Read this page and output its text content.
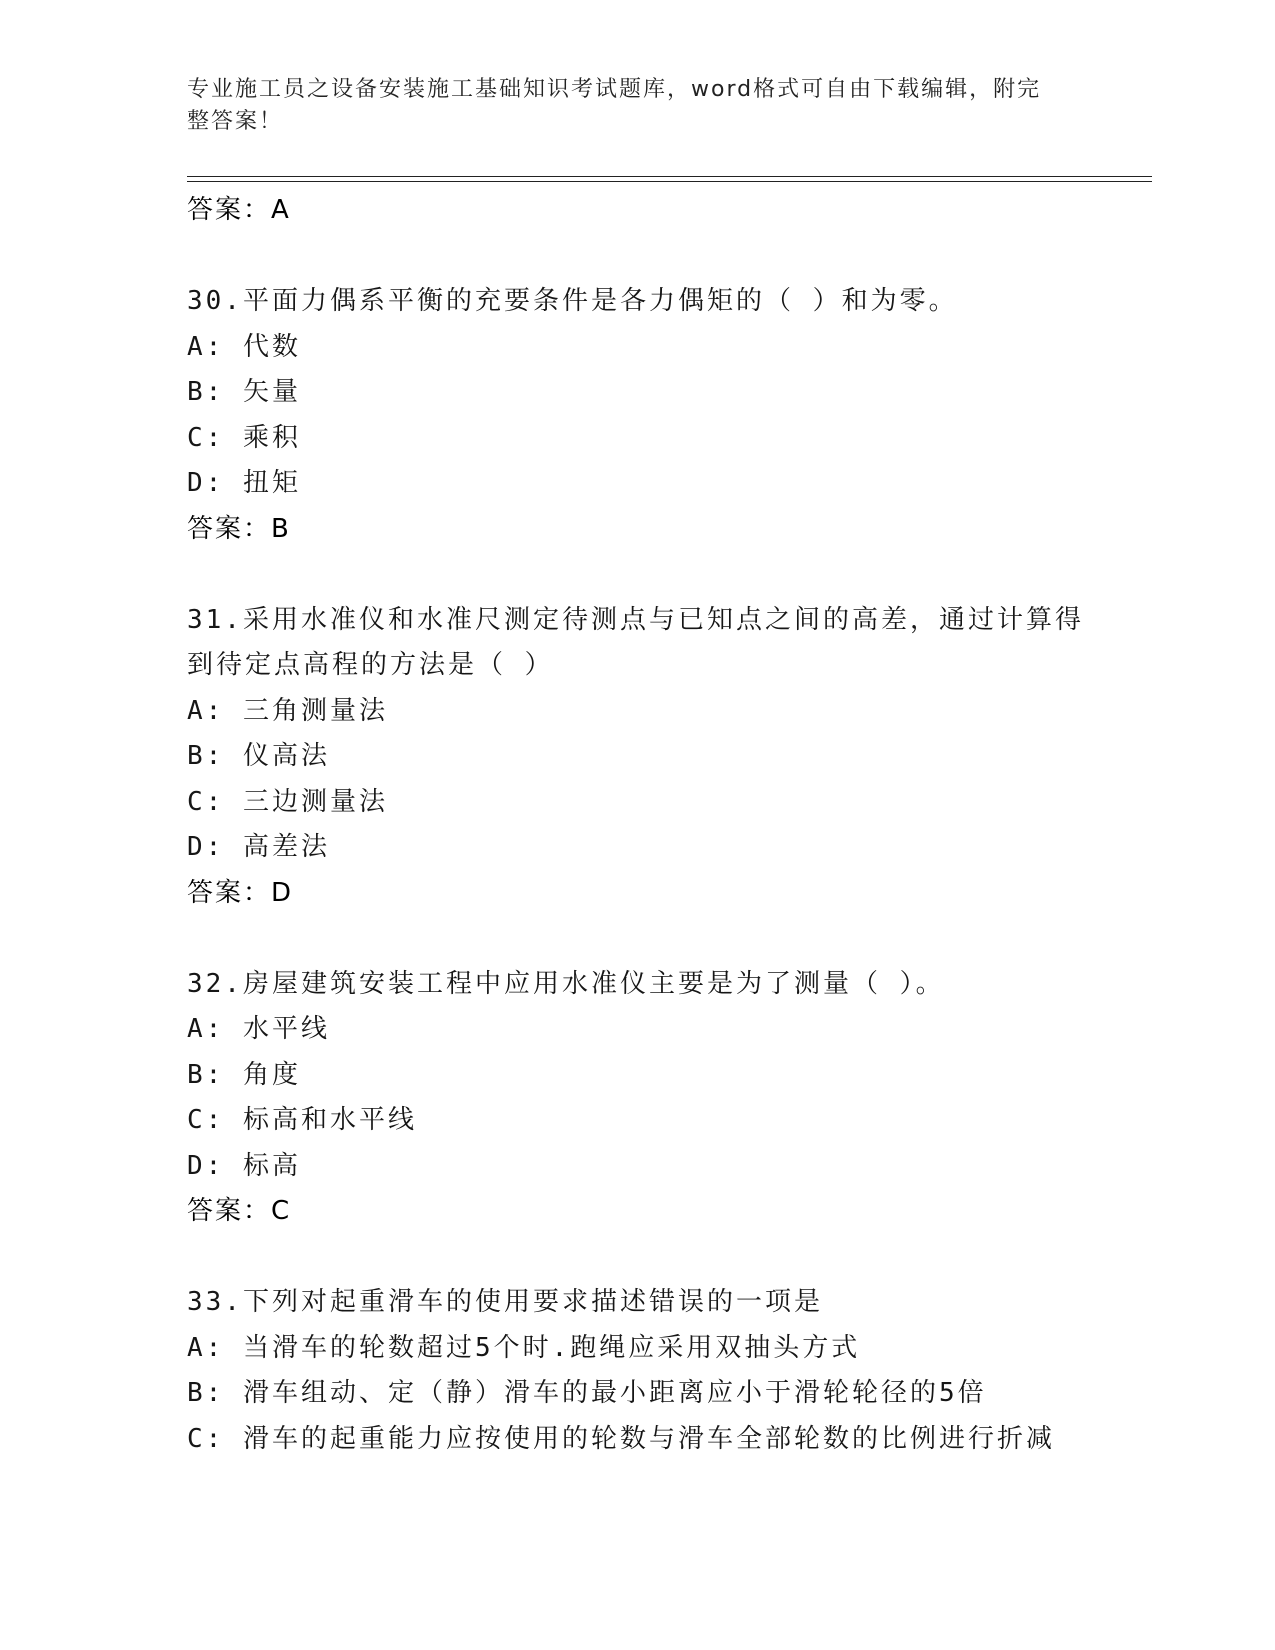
专业施工员之设备安装施工基础知识考试题库，word格式可自由下载编辑，附完
整答案！
答案：A
30.平面力偶系平衡的充要条件是各力偶矩的（ ）和为零。
A: 代数
B: 矢量
C: 乘积
D: 扭矩
答案：B
31.采用水准仪和水准尺测定待测点与已知点之间的高差，通过计算得
到待定点高程的方法是（ ）
A: 三角测量法
B: 仪高法
C: 三边测量法
D: 高差法
答案：D
32.房屋建筑安装工程中应用水准仪主要是为了测量（ ）。
A: 水平线
B: 角度
C: 标高和水平线
D: 标高
答案：C
33.下列对起重滑车的使用要求描述错误的一项是
A: 当滑车的轮数超过5个时.跑绳应采用双抽头方式
B: 滑车组动、定（静）滑车的最小距离应小于滑轮轮径的5倍
C: 滑车的起重能力应按使用的轮数与滑车全部轮数的比例进行折减
